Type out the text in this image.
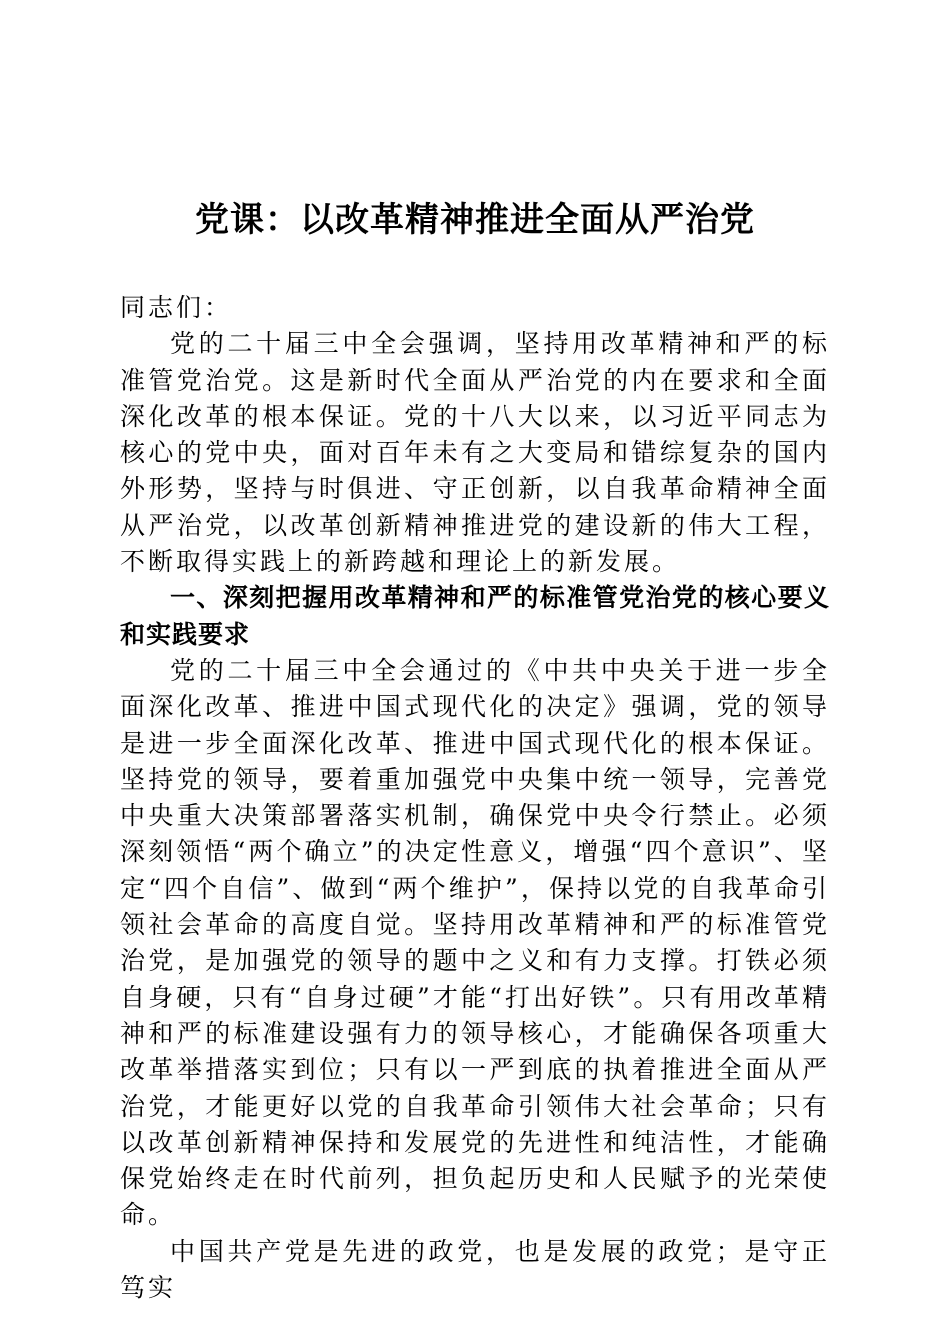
党课：以改革精神推进全面从严治党

同志们：

党的二十届三中全会强调，坚持用改革精神和严的标准管党治党。这是新时代全面从严治党的内在要求和全面深化改革的根本保证。党的十八大以来，以习近平同志为核心的党中央，面对百年未有之大变局和错综复杂的国内外形势，坚持与时俱进、守正创新，以自我革命精神全面从严治党，以改革创新精神推进党的建设新的伟大工程，不断取得实践上的新跨越和理论上的新发展。

一、深刻把握用改革精神和严的标准管党治党的核心要义和实践要求

党的二十届三中全会通过的《中共中央关于进一步全面深化改革、推进中国式现代化的决定》强调，党的领导是进一步全面深化改革、推进中国式现代化的根本保证。坚持党的领导，要着重加强党中央集中统一领导，完善党中央重大决策部署落实机制，确保党中央令行禁止。必须深刻领悟“两个确立”的决定性意义，增强“四个意识”、坚定“四个自信”、做到“两个维护”，保持以党的自我革命引领社会革命的高度自觉。坚持用改革精神和严的标准管党治党，是加强党的领导的题中之义和有力支撑。打铁必须自身硬，只有“自身过硬”才能“打出好铁”。只有用改革精神和严的标准建设强有力的领导核心，才能确保各项重大改革举措落实到位；只有以一严到底的执着推进全面从严治党，才能更好以党的自我革命引领伟大社会革命；只有以改革创新精神保持和发展党的先进性和纯洁性，才能确保党始终走在时代前列，担负起历史和人民赋予的光荣使命。

中国共产党是先进的政党，也是发展的政党；是守正笃实
